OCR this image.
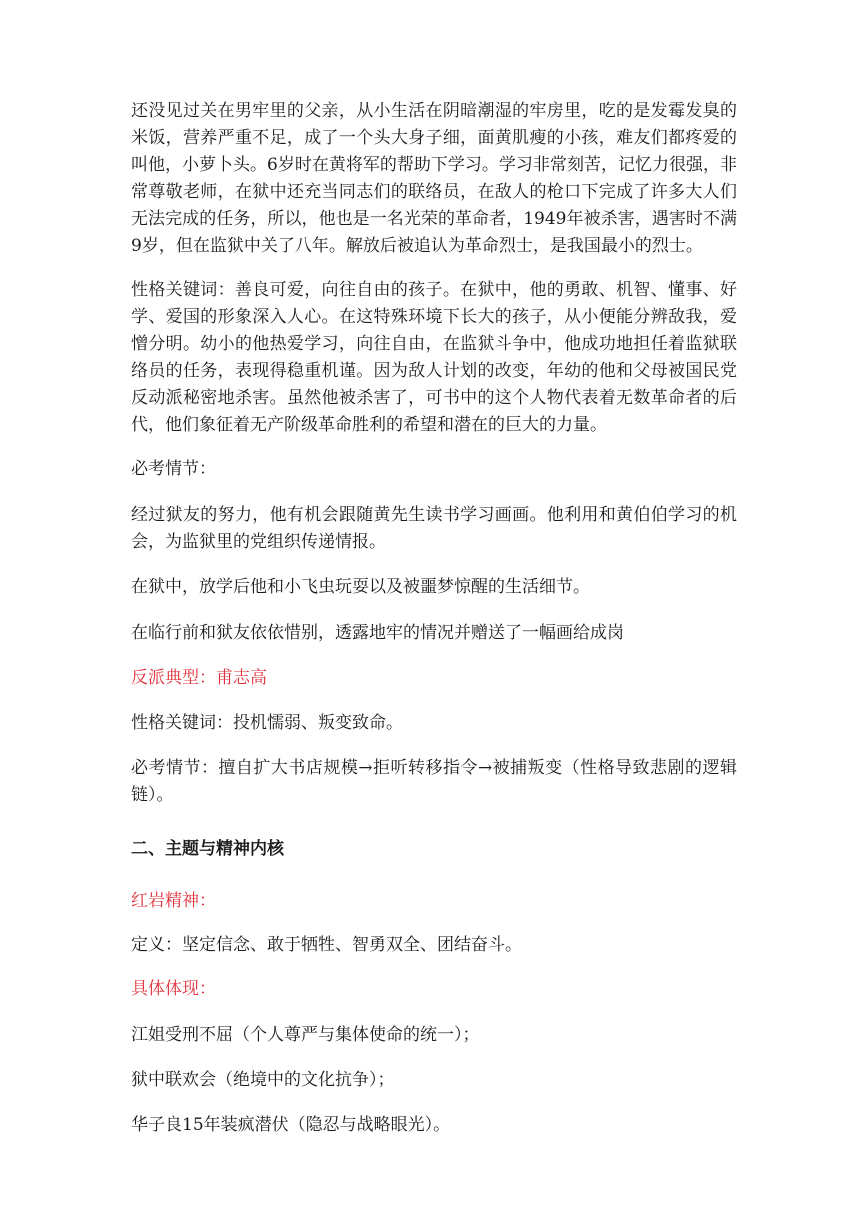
还没见过关在男牢里的父亲，从小生活在阴暗潮湿的牢房里，吃的是发霉发臭的米饭，营养严重不足，成了一个头大身子细，面黄肌瘦的小孩，难友们都疼爱的叫他，小萝卜头。6岁时在黄将军的帮助下学习。学习非常刻苦，记忆力很强，非常尊敬老师，在狱中还充当同志们的联络员，在敌人的枪口下完成了许多大人们无法完成的任务，所以，他也是一名光荣的革命者，1949年被杀害，遇害时不满9岁，但在监狱中关了八年。解放后被追认为革命烈士，是我国最小的烈士。

性格关键词：善良可爱，向往自由的孩子。在狱中，他的勇敢、机智、懂事、好学、爱国的形象深入人心。在这特殊环境下长大的孩子，从小便能分辨敌我，爱憎分明。幼小的他热爱学习，向往自由，在监狱斗争中，他成功地担任着监狱联络员的任务，表现得稳重机谨。因为敌人计划的改变，年幼的他和父母被国民党反动派秘密地杀害。虽然他被杀害了，可书中的这个人物代表着无数革命者的后代，他们象征着无产阶级革命胜利的希望和潜在的巨大的力量。

必考情节：

经过狱友的努力，他有机会跟随黄先生读书学习画画。他利用和黄伯伯学习的机会，为监狱里的党组织传递情报。

在狱中，放学后他和小飞虫玩耍以及被噩梦惊醒的生活细节。

在临行前和狱友依依惜别，透露地牢的情况并赠送了一幅画给成岗

反派典型：甫志高

性格关键词：投机懦弱、叛变致命。

必考情节：擅自扩大书店规模→拒听转移指令→被捕叛变（性格导致悲剧的逻辑链）。

二、主题与精神内核

红岩精神：

定义：坚定信念、敢于牺牲、智勇双全、团结奋斗。

具体体现：

江姐受刑不屈（个人尊严与集体使命的统一）；

狱中联欢会（绝境中的文化抗争）；

华子良15年装疯潜伏（隐忍与战略眼光）。
